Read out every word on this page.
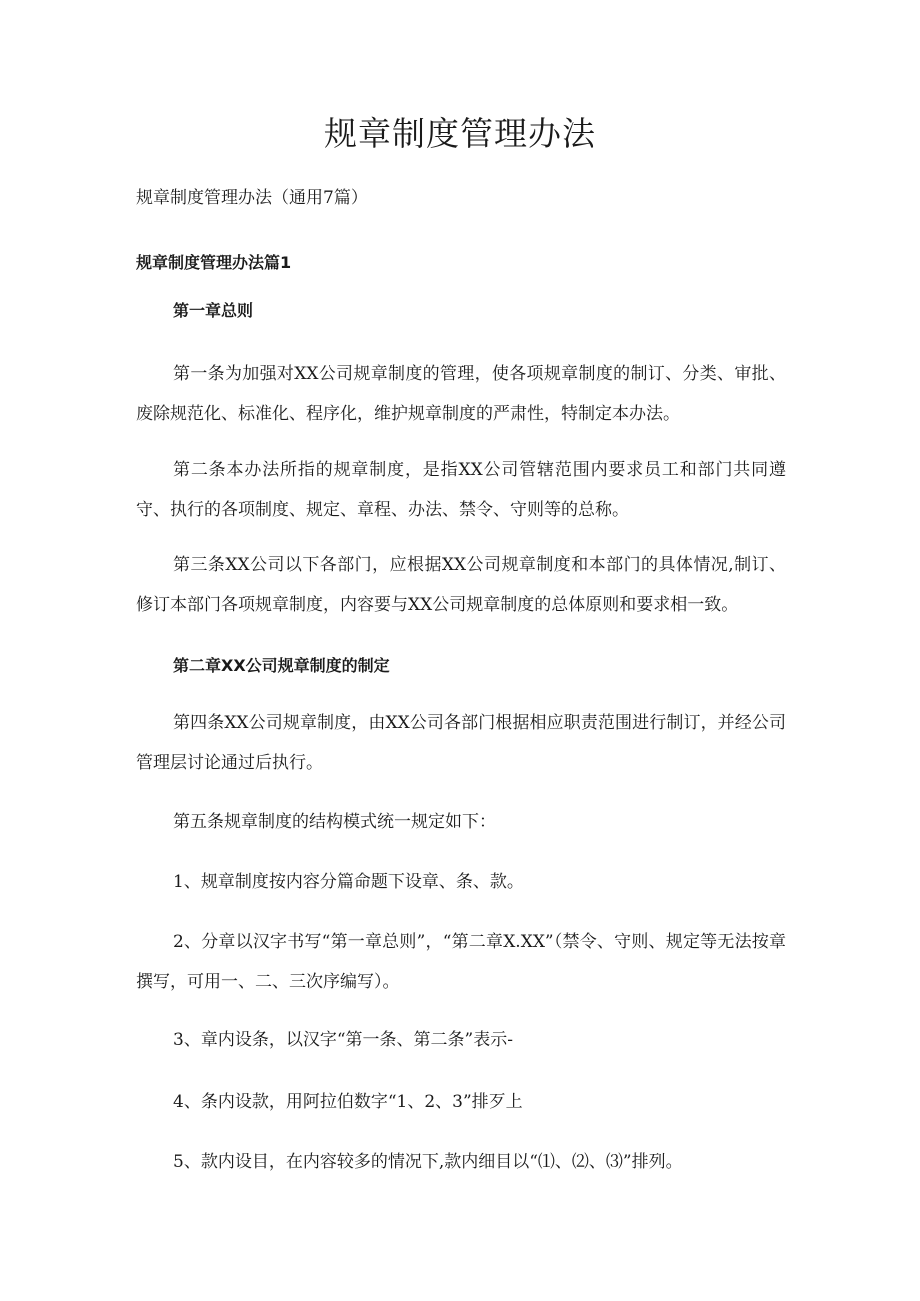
规章制度管理办法

规章制度管理办法（通用7篇）

规章制度管理办法篇1

第一章总则

第一条为加强对XX公司规章制度的管理，使各项规章制度的制订、分类、审批、废除规范化、标准化、程序化，维护规章制度的严肃性，特制定本办法。

第二条本办法所指的规章制度，是指XX公司管辖范围内要求员工和部门共同遵守、执行的各项制度、规定、章程、办法、禁令、守则等的总称。

第三条XX公司以下各部门，应根据XX公司规章制度和本部门的具体情况,制订、修订本部门各项规章制度，内容要与XX公司规章制度的总体原则和要求相一致。

第二章XX公司规章制度的制定

第四条XX公司规章制度，由XX公司各部门根据相应职责范围进行制订，并经公司管理层讨论通过后执行。

第五条规章制度的结构模式统一规定如下：

1、规章制度按内容分篇命题下设章、条、款。

2、分章以汉字书写“第一章总则”，“第二章X.XX”（禁令、守则、规定等无法按章撰写，可用一、二、三次序编写）。

3、章内设条，以汉字“第一条、第二条”表示-

4、条内设款，用阿拉伯数字“1、2、3”排歹上

5、款内设目，在内容较多的情况下,款内细目以“⑴、⑵、⑶”排列。
